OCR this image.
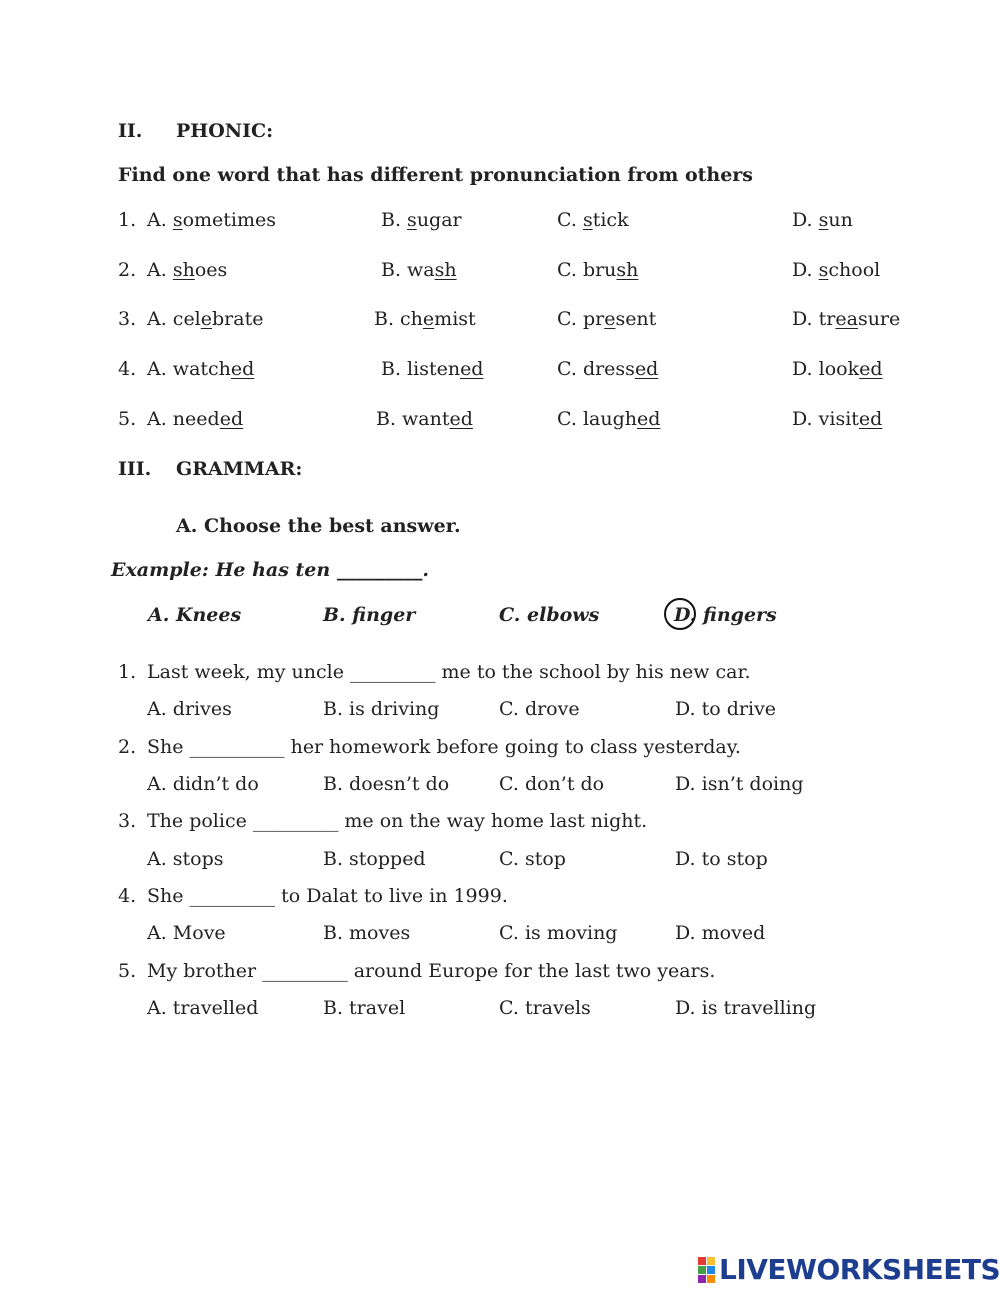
II. PHONIC:
Find one word that has different pronunciation from others
1. A. sometimes	B. sugar	C. stick	D. sun
2. A. shoes	B. wash	C. brush	D. school
3. A. celebrate	B. chemist	C. present	D. treasure
4. A. watched	B. listened	C. dressed	D. looked
5. A. needed	B. wanted	C. laughed	D. visited
III. GRAMMAR:
A. Choose the best answer.
Example: He has ten _________.
A. Knees	B. finger	C. elbows	D. fingers
1. Last week, my uncle _________ me to the school by his new car.
A. drives	B. is driving	C. drove	D. to drive
2. She __________ her homework before going to class yesterday.
A. didn’t do	B. doesn’t do	C. don’t do	D. isn’t doing
3. The police _________ me on the way home last night.
A. stops	B. stopped	C. stop	D. to stop
4. She _________ to Dalat to live in 1999.
A. Move	B. moves	C. is moving	D. moved
5. My brother _________ around Europe for the last two years.
A. travelled	B. travel	C. travels	D. is travelling
LIVEWORKSHEETS
